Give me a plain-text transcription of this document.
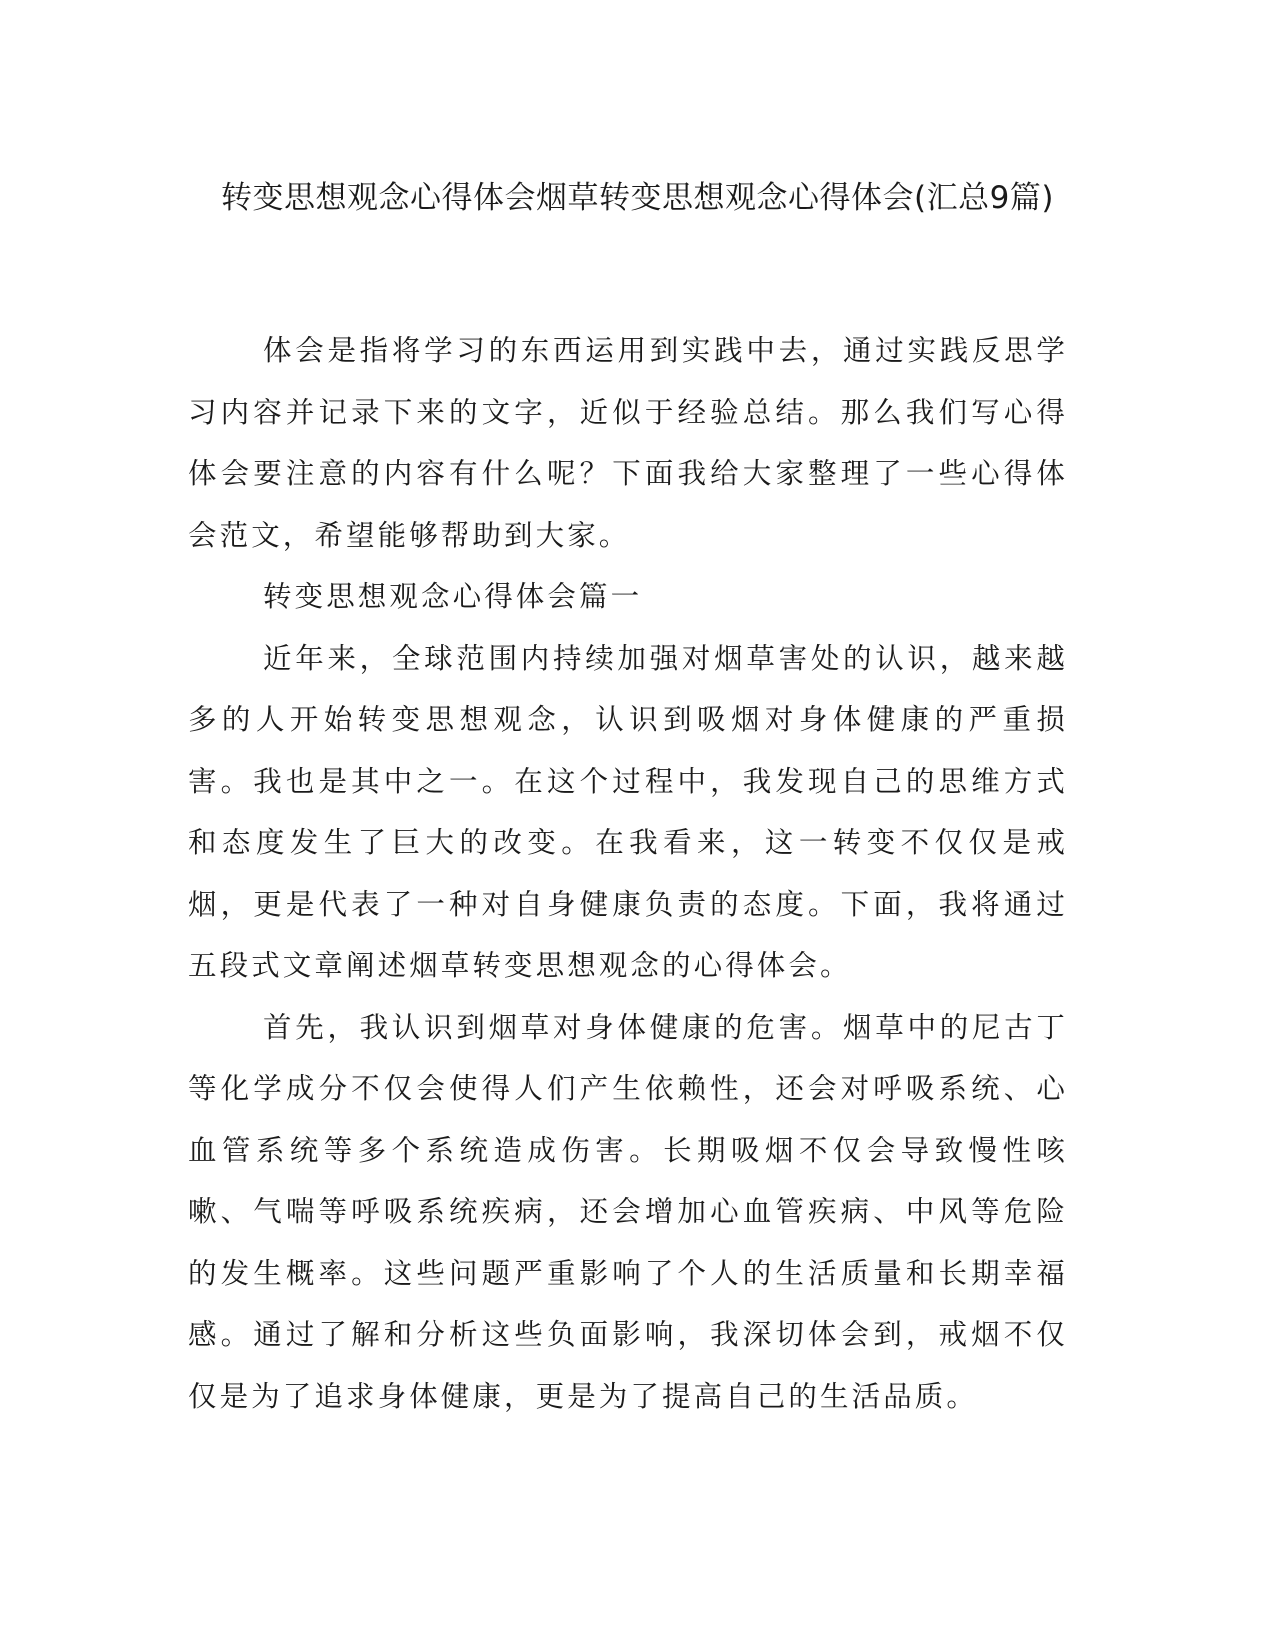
转变思想观念心得体会烟草转变思想观念心得体会(汇总9篇)

体会是指将学习的东西运用到实践中去，通过实践反思学习内容并记录下来的文字，近似于经验总结。那么我们写心得体会要注意的内容有什么呢？下面我给大家整理了一些心得体会范文，希望能够帮助到大家。

转变思想观念心得体会篇一

近年来，全球范围内持续加强对烟草害处的认识，越来越多的人开始转变思想观念，认识到吸烟对身体健康的严重损害。我也是其中之一。在这个过程中，我发现自己的思维方式和态度发生了巨大的改变。在我看来，这一转变不仅仅是戒烟，更是代表了一种对自身健康负责的态度。下面，我将通过五段式文章阐述烟草转变思想观念的心得体会。

首先，我认识到烟草对身体健康的危害。烟草中的尼古丁等化学成分不仅会使得人们产生依赖性，还会对呼吸系统、心血管系统等多个系统造成伤害。长期吸烟不仅会导致慢性咳嗽、气喘等呼吸系统疾病，还会增加心血管疾病、中风等危险的发生概率。这些问题严重影响了个人的生活质量和长期幸福感。通过了解和分析这些负面影响，我深切体会到，戒烟不仅仅是为了追求身体健康，更是为了提高自己的生活品质。
